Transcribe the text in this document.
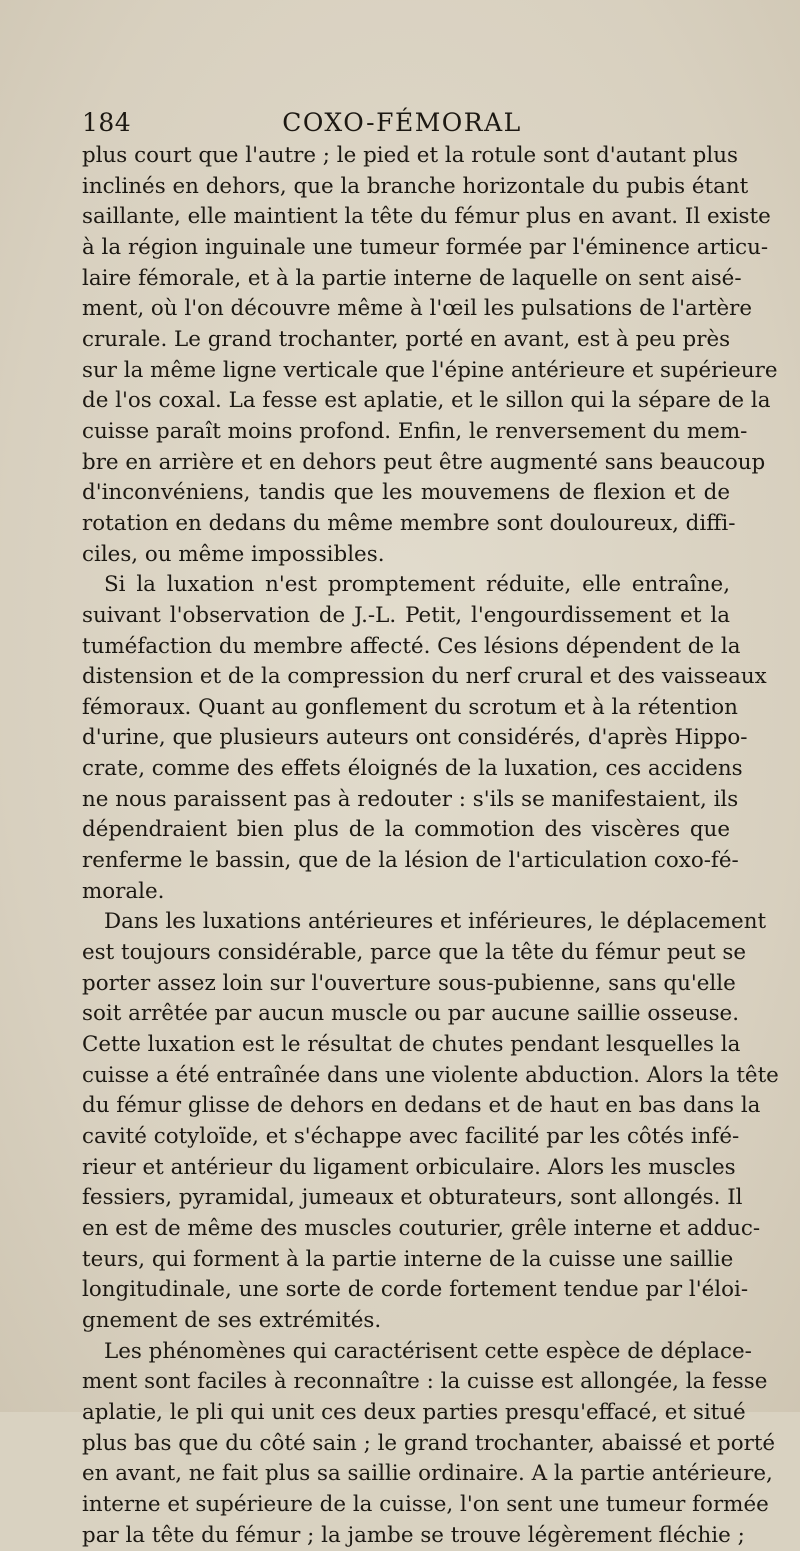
184	COXO-FÉMORAL
plus court que l'autre ; le pied et la rotule sont d'autant plus
inclinés en dehors, que la branche horizontale du pubis étant
saillante, elle maintient la tête du fémur plus en avant. Il existe
à la région inguinale une tumeur formée par l'éminence articu-
laire fémorale, et à la partie interne de laquelle on sent aisé-
ment, où l'on découvre même à l'œil les pulsations de l'artère
crurale. Le grand trochanter, porté en avant, est à peu près
sur la même ligne verticale que l'épine antérieure et supérieure
de l'os coxal. La fesse est aplatie, et le sillon qui la sépare de la
cuisse paraît moins profond. Enfin, le renversement du mem-
bre en arrière et en dehors peut être augmenté sans beaucoup
d'inconvéniens, tandis que les mouvemens de flexion et de
rotation en dedans du même membre sont douloureux, diffi-
ciles, ou même impossibles.
Si la luxation n'est promptement réduite, elle entraîne,
suivant l'observation de J.-L. Petit, l'engourdissement et la
tuméfaction du membre affecté. Ces lésions dépendent de la
distension et de la compression du nerf crural et des vaisseaux
fémoraux. Quant au gonflement du scrotum et à la rétention
d'urine, que plusieurs auteurs ont considérés, d'après Hippo-
crate, comme des effets éloignés de la luxation, ces accidens
ne nous paraissent pas à redouter : s'ils se manifestaient, ils
dépendraient bien plus de la commotion des viscères que
renferme le bassin, que de la lésion de l'articulation coxo-fé-
morale.
Dans les luxations antérieures et inférieures, le déplacement
est toujours considérable, parce que la tête du fémur peut se
porter assez loin sur l'ouverture sous-pubienne, sans qu'elle
soit arrêtée par aucun muscle ou par aucune saillie osseuse.
Cette luxation est le résultat de chutes pendant lesquelles la
cuisse a été entraînée dans une violente abduction. Alors la tête
du fémur glisse de dehors en dedans et de haut en bas dans la
cavité cotyloïde, et s'échappe avec facilité par les côtés infé-
rieur et antérieur du ligament orbiculaire. Alors les muscles
fessiers, pyramidal, jumeaux et obturateurs, sont allongés. Il
en est de même des muscles couturier, grêle interne et adduc-
teurs, qui forment à la partie interne de la cuisse une saillie
longitudinale, une sorte de corde fortement tendue par l'éloi-
gnement de ses extrémités.
Les phénomènes qui caractérisent cette espèce de déplace-
ment sont faciles à reconnaître : la cuisse est allongée, la fesse
aplatie, le pli qui unit ces deux parties presqu'effacé, et situé
plus bas que du côté sain ; le grand trochanter, abaissé et porté
en avant, ne fait plus sa saillie ordinaire. A la partie antérieure,
interne et supérieure de la cuisse, l'on sent une tumeur formée
par la tête du fémur ; la jambe se trouve légèrement fléchie ;
